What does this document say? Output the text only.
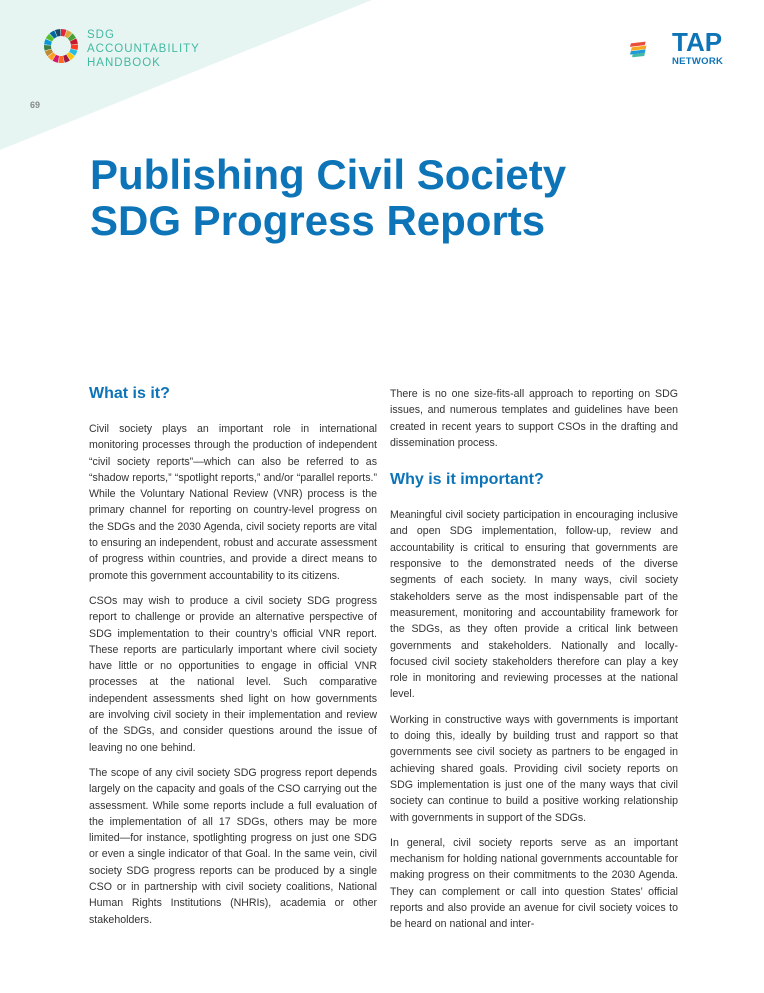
SDG
ACCOUNTABILITY
HANDBOOK
69
TAP
NETWORK
Publishing Civil Society SDG Progress Reports
What is it?

Civil society plays an important role in international monitoring processes through the production of independent “civil society reports”—which can also be referred to as “shadow reports,” “spotlight reports,” and/or “parallel reports.” While the Voluntary National Review (VNR) process is the primary channel for reporting on country-level progress on the SDGs and the 2030 Agenda, civil society reports are vital to ensuring an independent, robust and accurate assessment of progress within countries, and provide a direct means to promote this government accountability to its citizens.

CSOs may wish to produce a civil society SDG progress report to challenge or provide an alternative perspective of SDG implementation to their country’s official VNR report. These reports are particularly important where civil society have little or no opportunities to engage in official VNR processes at the national level. Such comparative independent assessments shed light on how governments are involving civil society in their implementation and review of the SDGs, and consider questions around the issue of leaving no one behind.

The scope of any civil society SDG progress report depends largely on the capacity and goals of the CSO carrying out the assessment. While some reports include a full evaluation of the implementation of all 17 SDGs, others may be more limited—for instance, spotlighting progress on just one SDG or even a single indicator of that Goal. In the same vein, civil society SDG progress reports can be produced by a single CSO or in partnership with civil society coalitions, National Human Rights Institutions (NHRIs), academia or other stakeholders.

There is no one size-fits-all approach to reporting on SDG issues, and numerous templates and guidelines have been created in recent years to support CSOs in the drafting and dissemination process.

Why is it important?

Meaningful civil society participation in encouraging inclusive and open SDG implementation, follow-up, review and accountability is critical to ensuring that governments are responsive to the demonstrated needs of the diverse segments of each society. In many ways, civil society stakeholders serve as the most indispensable part of the measurement, monitoring and accountability framework for the SDGs, as they often provide a critical link between governments and stakeholders. Nationally and locally-focused civil society stakeholders therefore can play a key role in monitoring and reviewing processes at the national level.

Working in constructive ways with governments is important to doing this, ideally by building trust and rapport so that governments see civil society as partners to be engaged in achieving shared goals. Providing civil society reports on SDG implementation is just one of the many ways that civil society can continue to build a positive working relationship with governments in support of the SDGs.

In general, civil society reports serve as an important mechanism for holding national governments accountable for making progress on their commitments to the 2030 Agenda. They can complement or call into question States’ official reports and also provide an avenue for civil society voices to be heard on national and inter-
